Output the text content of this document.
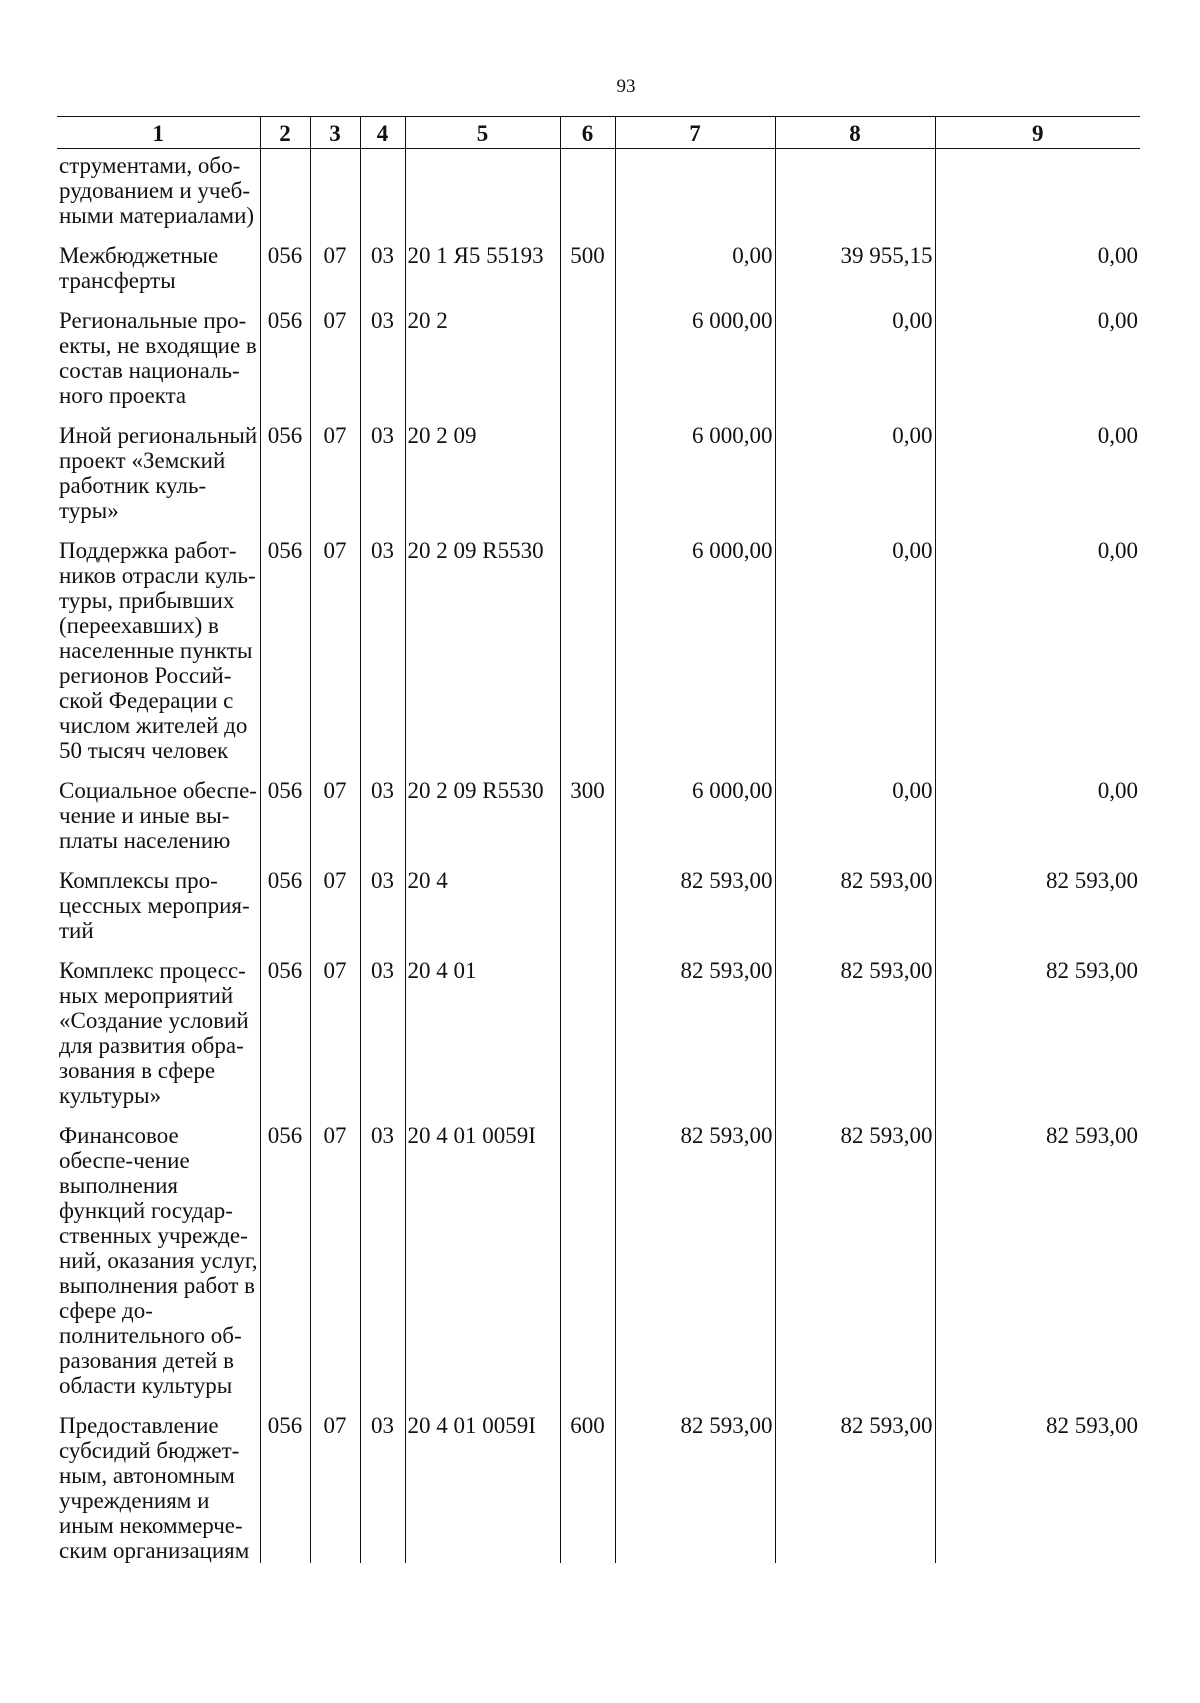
93
1	2	3	4	5	6	7	8	9
струментами, обо-рудованием и учеб-ными материалами)								
Межбюджетные трансферты	056	07	03	20 1 Я5 55193	500	0,00	39 955,15	0,00
Региональные про-екты, не входящие в состав националь-ного проекта	056	07	03	20 2		6 000,00	0,00	0,00
Иной региональный проект «Земский работник куль-туры»	056	07	03	20 2 09		6 000,00	0,00	0,00
Поддержка работ-ников отрасли куль-туры, прибывших (переехавших) в населенные пункты регионов Россий-ской Федерации с числом жителей до 50 тысяч человек	056	07	03	20 2 09 R5530		6 000,00	0,00	0,00
Социальное обеспе-чение и иные вы-платы населению	056	07	03	20 2 09 R5530	300	6 000,00	0,00	0,00
Комплексы про-цессных мероприя-тий	056	07	03	20 4		82 593,00	82 593,00	82 593,00
Комплекс процесс-ных мероприятий «Создание условий для развития обра-зования в сфере культуры»	056	07	03	20 4 01		82 593,00	82 593,00	82 593,00
Финансовое обеспе-чение выполнения функций государ-ственных учрежде-ний, оказания услуг, выполнения работ в сфере до-полнительного об-разования детей в области культуры	056	07	03	20 4 01 0059I		82 593,00	82 593,00	82 593,00
Предоставление субсидий бюджет-ным, автономным учреждениям и иным некоммерче-ским организациям	056	07	03	20 4 01 0059I	600	82 593,00	82 593,00	82 593,00
